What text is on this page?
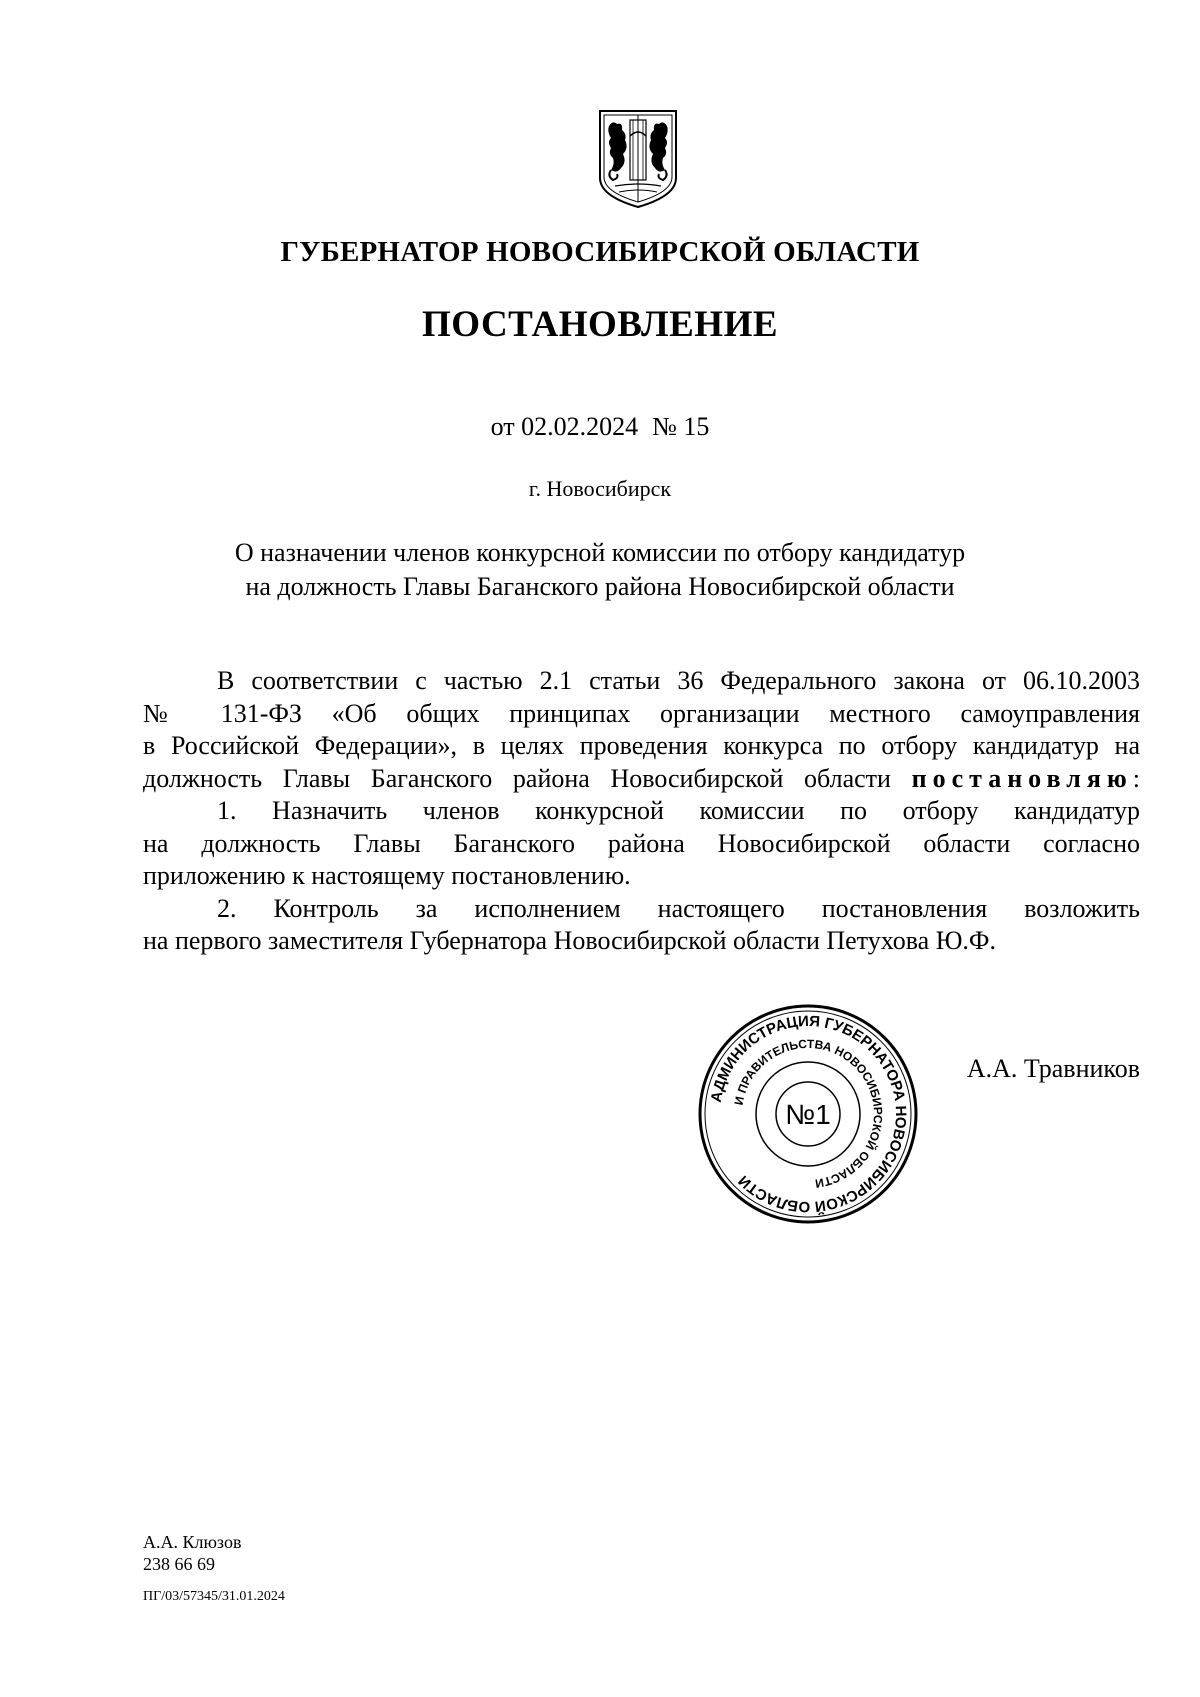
ГУБЕРНАТОР НОВОСИБИРСКОЙ ОБЛАСТИ
ПОСТАНОВЛЕНИЕ
от 02.02.2024 № 15
г. Новосибирск
О назначении членов конкурсной комиссии по отбору кандидатур
на должность Главы Баганского района Новосибирской области

В соответствии с частью 2.1 статьи 36 Федерального закона от 06.10.2003

№ 131-ФЗ «Об общих принципах организации местного самоуправления

в Российской Федерации», в целях проведения конкурса по отбору кандидатур на

должность Главы Баганского района Новосибирской области постановляю:

1. Назначить членов конкурсной комиссии по отбору кандидатур

на должность Главы Баганского района Новосибирской области согласно

приложению к настоящему постановлению.

2. Контроль за исполнением настоящего постановления возложить

на первого заместителя Губернатора Новосибирской области Петухова Ю.Ф.

АДМИНИСТРАЦИЯ ГУБЕРНАТОРА НОВОСИБИРСКОЙ ОБЛАСТИ
И ПРАВИТЕЛЬСТВА НОВОСИБИРСКОЙ ОБЛАСТИ
№1
А.А. Травников
А.А. Клюзов
238 66 69
ПГ/03/57345/31.01.2024
